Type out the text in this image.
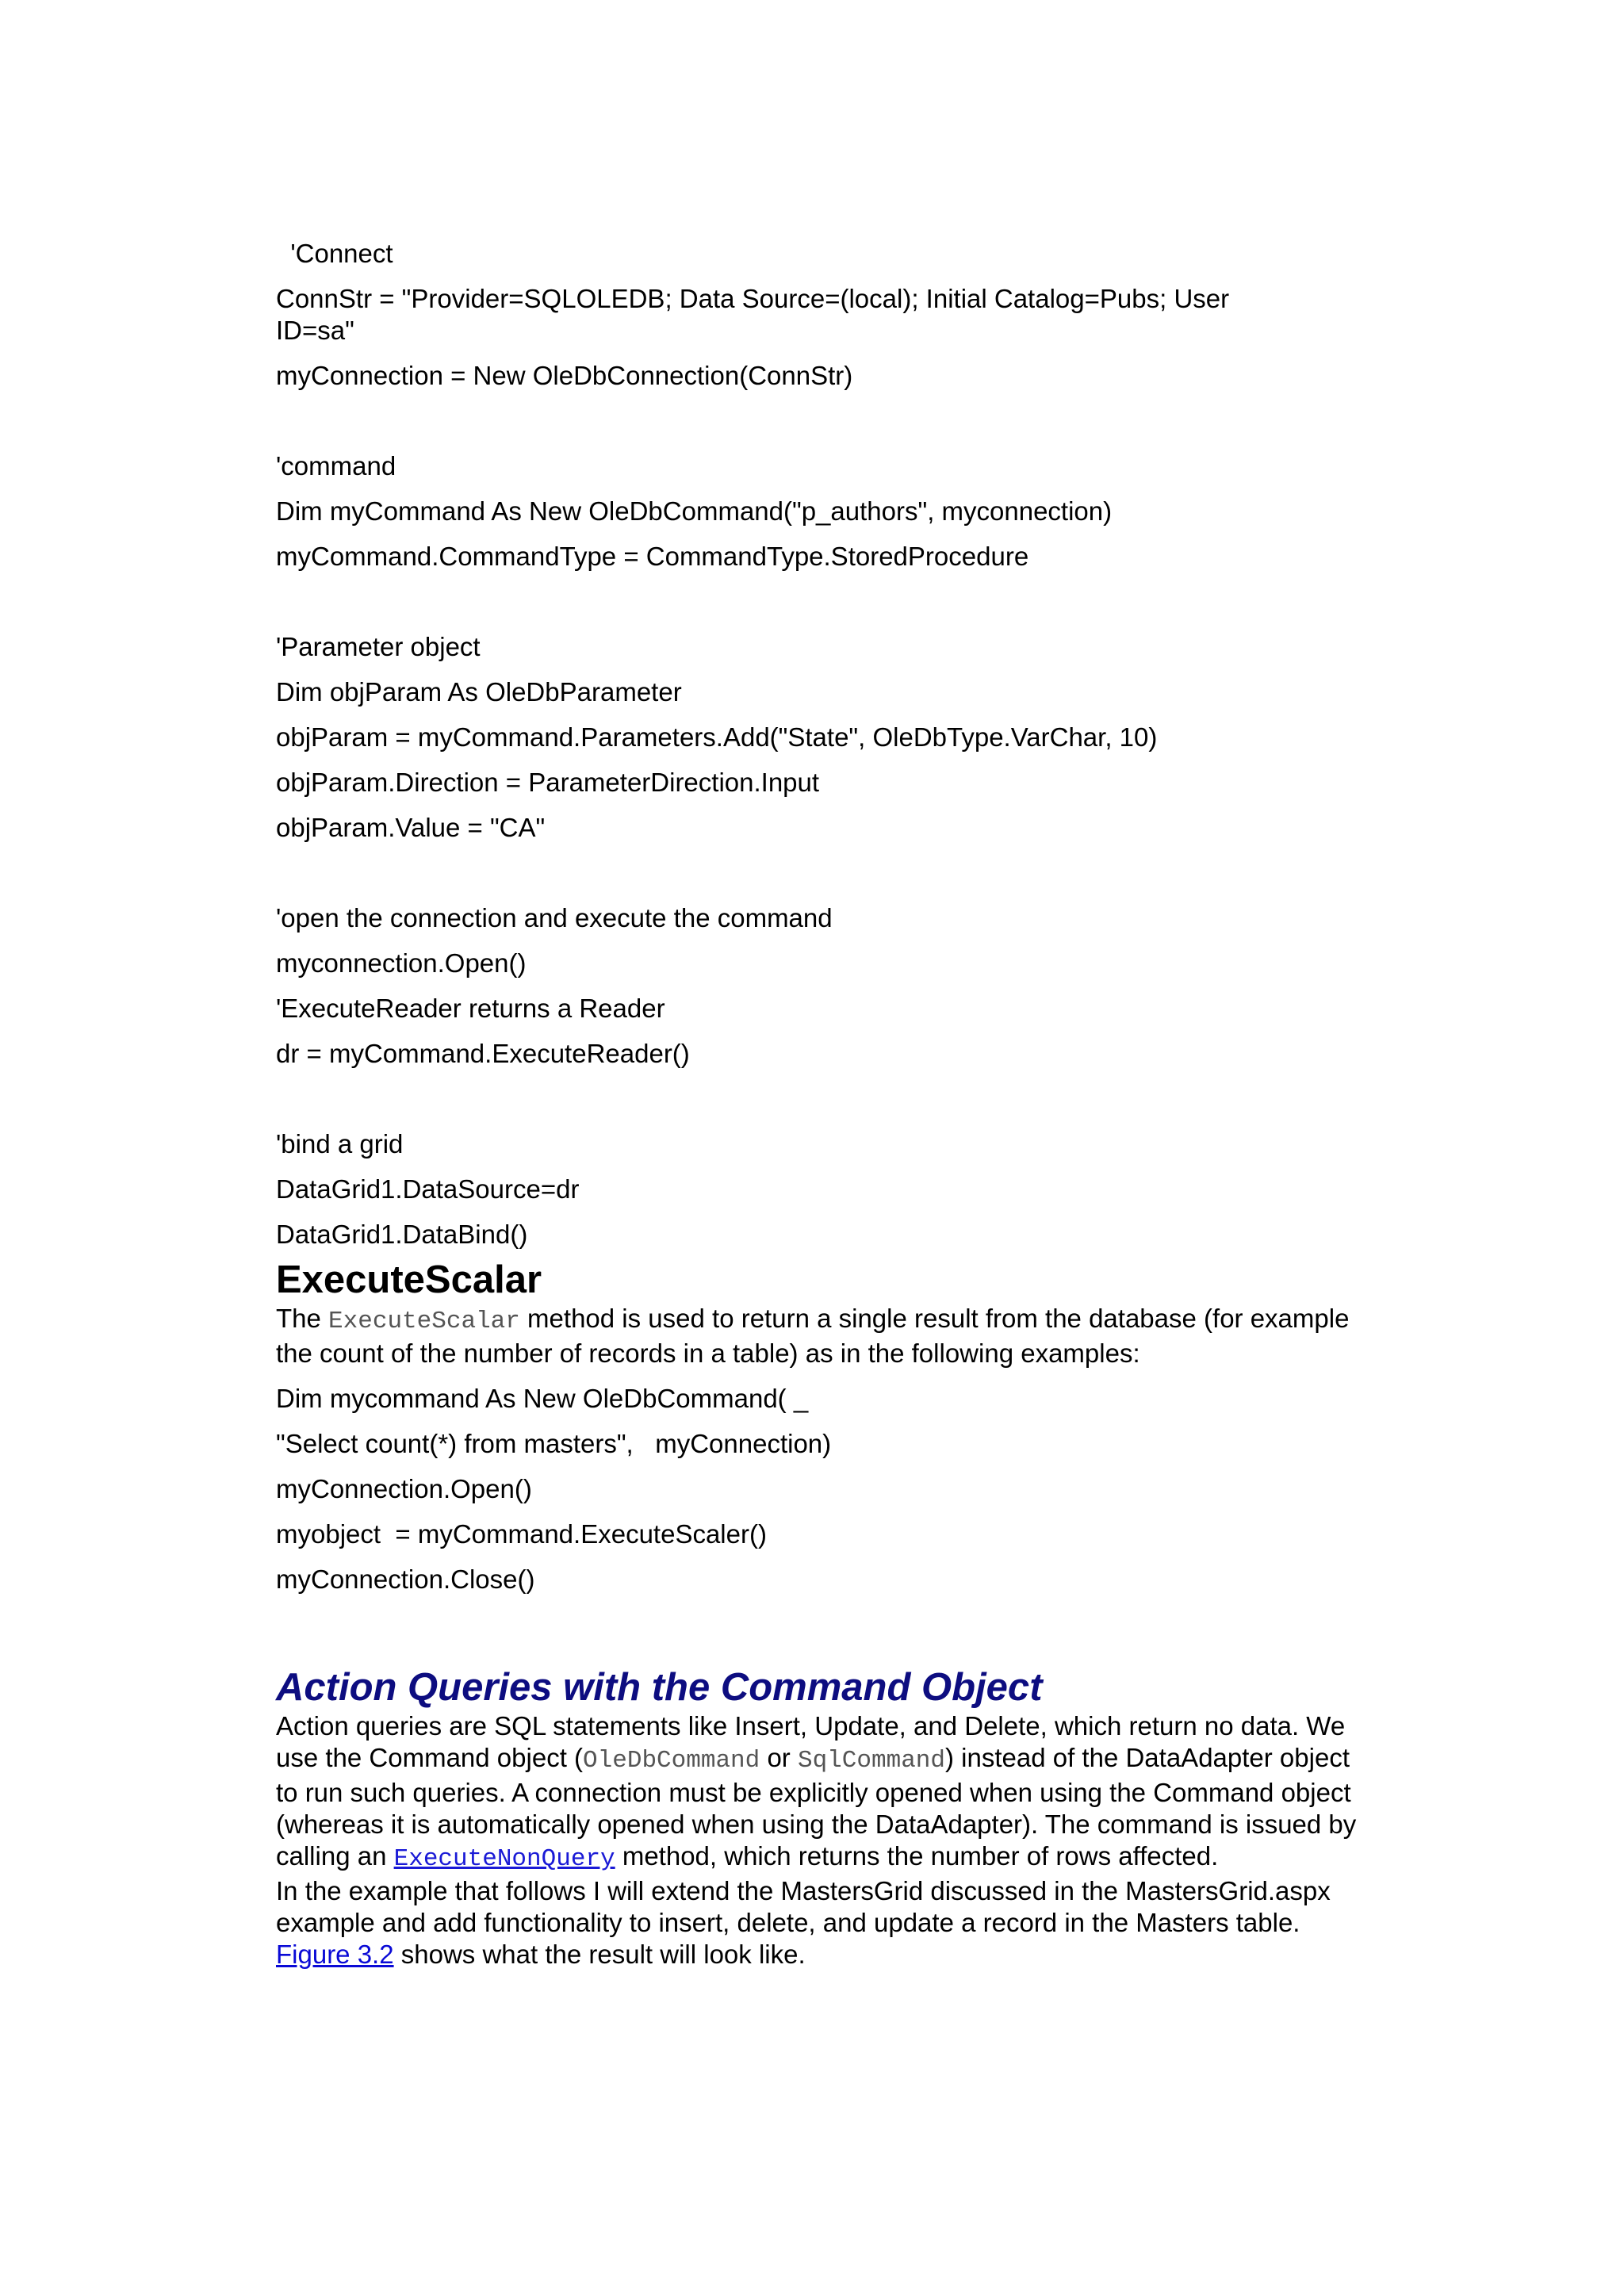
'Connect
ConnStr = "Provider=SQLOLEDB; Data Source=(local); Initial Catalog=Pubs; User ID=sa"
myConnection = New OleDbConnection(ConnStr)
'command
Dim myCommand As New OleDbCommand("p_authors", myconnection)
myCommand.CommandType = CommandType.StoredProcedure
'Parameter object
Dim objParam As OleDbParameter
objParam = myCommand.Parameters.Add("State", OleDbType.VarChar, 10)
objParam.Direction = ParameterDirection.Input
objParam.Value = "CA"
'open the connection and execute the command
myconnection.Open()
'ExecuteReader returns a Reader
dr = myCommand.ExecuteReader()
'bind a grid
DataGrid1.DataSource=dr
DataGrid1.DataBind()
ExecuteScalar
The ExecuteScalar method is used to return a single result from the database (for example the count of the number of records in a table) as in the following examples:
Dim mycommand As New OleDbCommand( _
"Select count(*) from masters",   myConnection)
myConnection.Open()
myobject  = myCommand.ExecuteScaler()
myConnection.Close()
Action Queries with the Command Object
Action queries are SQL statements like Insert, Update, and Delete, which return no data. We use the Command object (OleDbCommand or SqlCommand) instead of the DataAdapter object to run such queries. A connection must be explicitly opened when using the Command object (whereas it is automatically opened when using the DataAdapter). The command is issued by calling an ExecuteNonQuery method, which returns the number of rows affected.
In the example that follows I will extend the MastersGrid discussed in the MastersGrid.aspx example and add functionality to insert, delete, and update a record in the Masters table. Figure 3.2 shows what the result will look like.
